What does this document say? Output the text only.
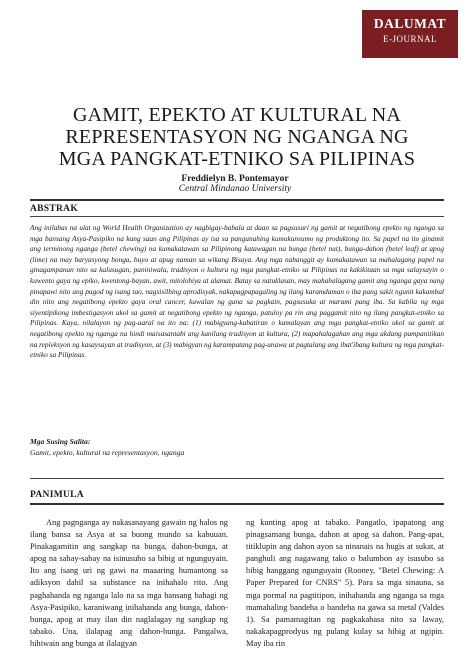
DALUMAT
E-JOURNAL
GAMIT, EPEKTO AT KULTURAL NA
REPRESENTASYON NG NGANGA NG
MGA PANGKAT-ETNIKO SA PILIPINAS
Freddielyn B. Pontemayor
Central Mindanao University
ABSTRAK
Ang inilabas na ulat ng World Health Organization ay nagbigay-babala at daan sa pagsusuri ng gamit at negatibong epekto ng nganga sa mga bansang Asya-Pasipiko na kung saan ang Pilipinas ay isa sa pangunahing kumukunsumo ng produktong ito. Sa papel na ito ginamit ang terminong nganga (betel chewing) na kumakatawan sa Pilipinong katawagan na bunga (betel nut), bunga-dahon (betel leaf) at apog (lime) na may baryasyong bonga, buyo at apug naman sa wikang Bisaya. Ang mga nabanggit ay kumakatawan sa mahalagang papel na ginagampanan nito sa kalusugan, paniniwala, tradisyon o kultura ng mga pangkat-etniko sa Pilipinas na kakikitaan sa mga salaysayin o kuwento gaya ng epiko, kwentong-bayan, awit, mitolohiya at alamat. Batay sa natuklasan, may mahahalagang gamit ang nganga gaya nang pinapawi nito ang pagod ng isang tao, nagsisilbing aprodisyak, nakapagpapagaling ng ilang karamdaman o iba pang sakit ngunit kakambal din nito ang negatibong epekto gaya oral cancer, kawalan ng gana sa pagkain, pagsusuka at marami pang iba. Sa kabila ng mga siyentipikong imbestigasyon ukol sa gamit at negatibong epekto ng nganga, patuloy pa rin ang paggamit nito ng ilang pangkat-etniko sa Pilipinas. Kaya, nilalayon ng pag-aaral na ito na: (1) mabigyang-kabatiran o kamalayan ang mga pangkat-etniko ukol sa gamit at negatibong epekto ng nganga na hindi maisasantabi ang kanilang tradisyon at kultura, (2) mapahalagahan ang mga akdang pampanitikan na repleksyon ng kasaysayan at tradisyon, at (3) mabigyan ng karampatang pag-unawa at pagtalang ang ibat'ibang kultura ng mga pangkat-etniko sa Pilipinas.
Mga Susing Salita:
Gamit, epekto, kultural na representasyon, nganga
PANIMULA
Ang pagnganga ay nakasanayang gawain ng halos ng ilang bansa sa Asya at sa buong mundo sa kabuuan. Pinakagamitin ang sangkap na bunga, dahon-bunga, at apog na sabay-sabay na isinusubo sa bibig at ngunguyain. Ito ang isang uri ng gawi na maaaring humantong sa adiksyon dahil sa substance na inihahalo rito. Ang paghahanda ng nganga lalo na sa mga bansang bahagi ng Asya-Pasipiko, karaniwang inihahanda ang bunga, dahon-bunga, apog at may ilan din naglalagay ng sangkap ng tabako. Una, ilalapag ang dahon-bunga. Pangalwa, hihiwain ang bunga at ilalagyan
ng kunting apog at tabako. Pangatlo, ipapatong ang pinagsamang bunga, dahon at apog sa dahon. Pang-apat, titiklupin ang dahon ayon sa ninanais na hugis at sukat, at panghuli ang nagawang tako o balumbon ay isusubo sa bibig hanggang ngunguyain (Rooney, "Betel Chewing: A Paper Prepared for CNRS" 5). Para sa mga sinauna, sa mga pormal na pagtitipon, inihahanda ang nganga sa mga mamahaling bandeha o bandeha na gawa sa metal (Valdes 1). Sa pamamagitan ng pagkakabasa nito sa laway, nakakapagprodyus ng pulang kulay sa bibig at ngipin. May iba rin
